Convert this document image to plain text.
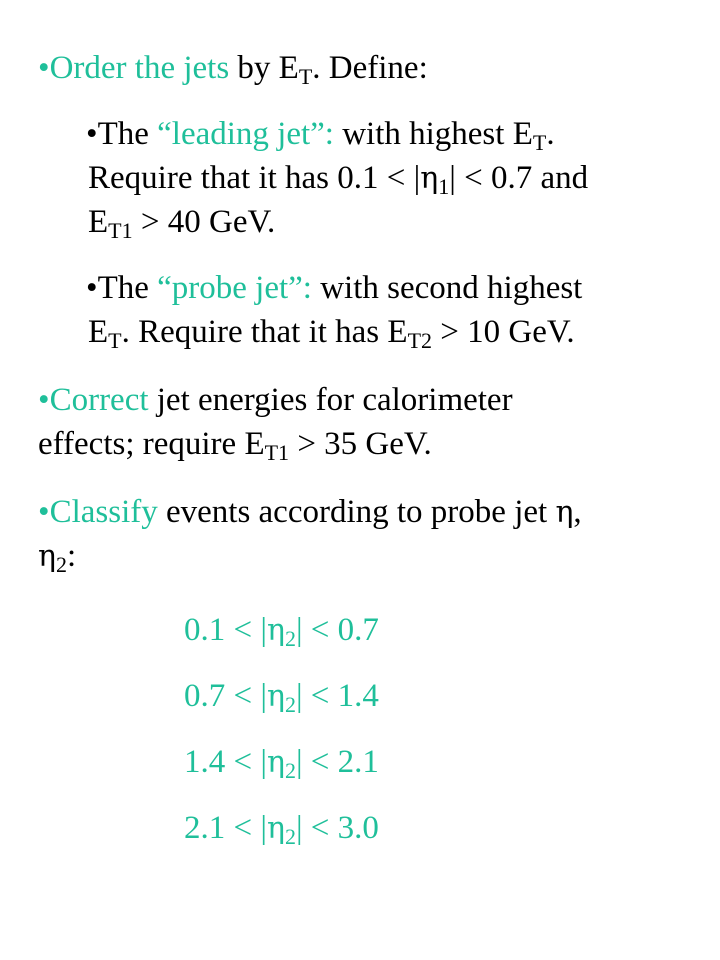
•Order the jets by $E_T$. Define:
•The “leading jet”: with highest $E_T$.
Require that it has $0.1 < |\eta_1| < 0.7$ and
$E_{T1} > 40$ GeV.
•The “probe jet”: with second highest
$E_T$. Require that it has $E_{T2} > 10$ GeV.
•Correct jet energies for calorimeter
effects; require $E_{T1} > 35$ GeV.
•Classify events according to probe jet η,
$\eta_2$:
$0.1 < |\eta_2| < 0.7$
$0.7 < |\eta_2| < 1.4$
$1.4 < |\eta_2| < 2.1$
$2.1 < |\eta_2| < 3.0$
